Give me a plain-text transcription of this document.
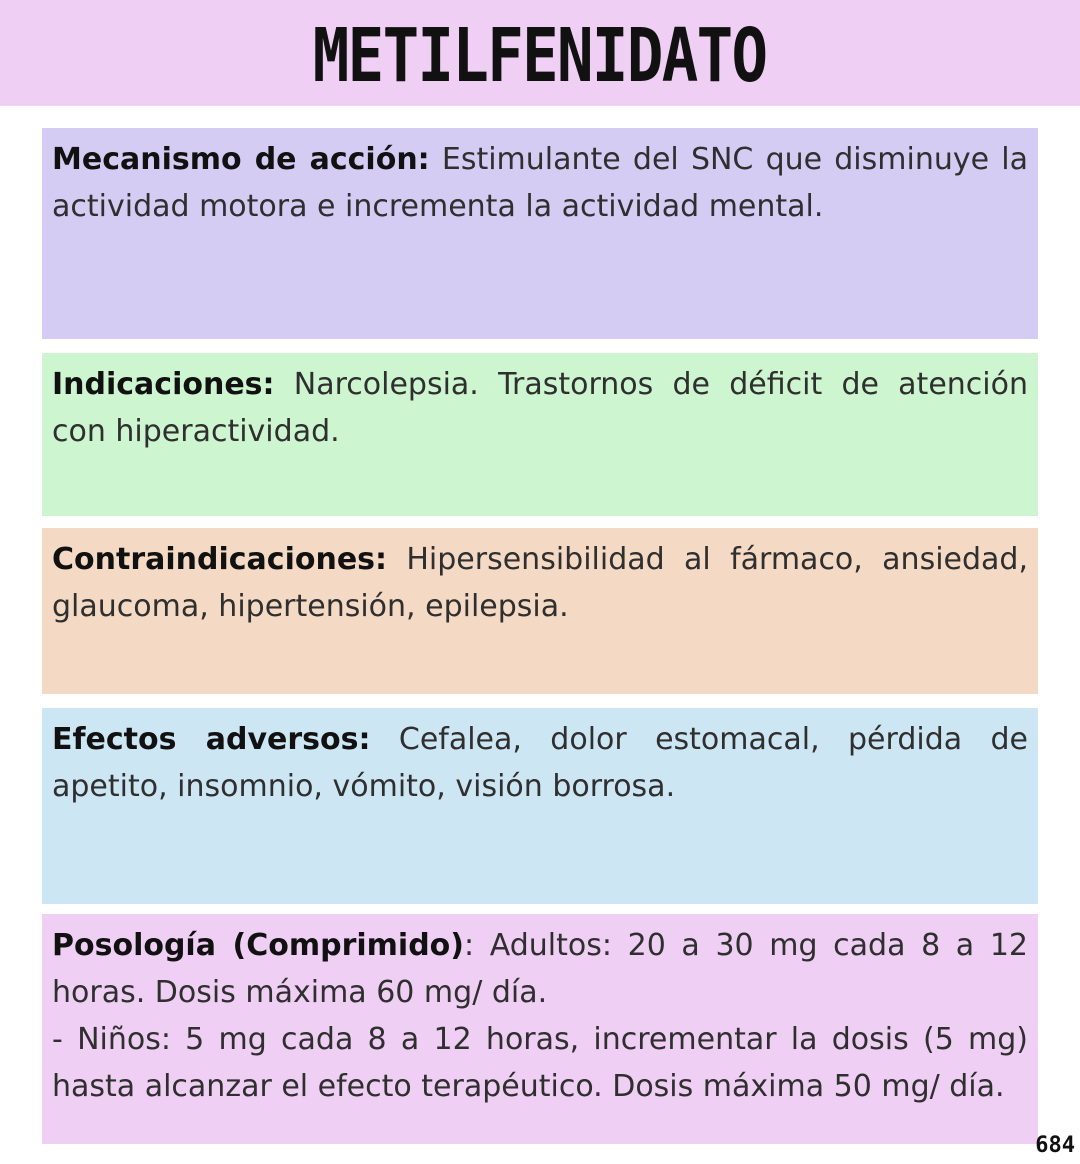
METILFENIDATO

Mecanismo de acción: Estimulante del SNC que disminuye la actividad motora e incrementa la actividad mental.

Indicaciones: Narcolepsia. Trastornos de déficit de atención con hiperactividad.

Contraindicaciones: Hipersensibilidad al fármaco, ansiedad, glaucoma, hipertensión, epilepsia.

Efectos adversos: Cefalea, dolor estomacal, pérdida de apetito, insomnio, vómito, visión borrosa.

Posología (Comprimido): Adultos: 20 a 30 mg cada 8 a 12 horas. Dosis máxima 60 mg/ día.

- Niños: 5 mg cada 8 a 12 horas, incrementar la dosis (5 mg) hasta alcanzar el efecto terapéutico. Dosis máxima 50 mg/ día.

684
